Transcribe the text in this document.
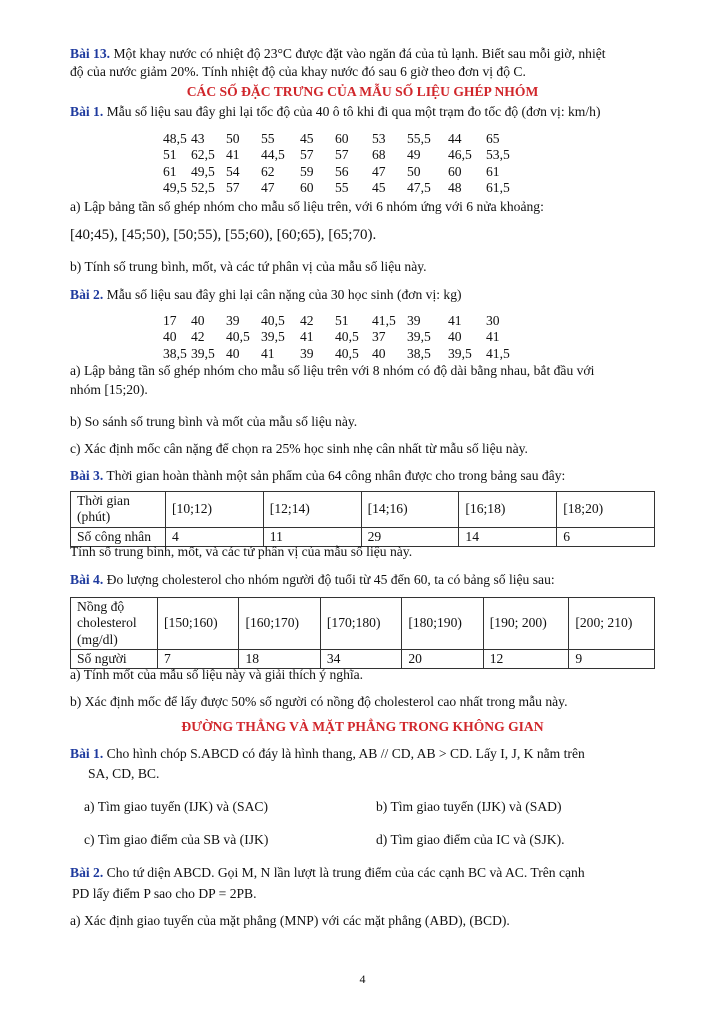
Bài 13. Một khay nước có nhiệt độ 23°C được đặt vào ngăn đá của tủ lạnh. Biết sau mỗi giờ, nhiệt
độ của nước giảm 20%. Tính nhiệt độ của khay nước đó sau 6 giờ theo đơn vị độ C.
CÁC SỐ ĐẶC TRƯNG CỦA MẪU SỐ LIỆU GHÉP NHÓM
Bài 1. Mẫu số liệu sau đây ghi lại tốc độ của 40 ô tô khi đi qua một trạm đo tốc độ (đơn vị: km/h)
48,5	43	50	55	45	60	53	55,5	44	65
51	62,5	41	44,5	57	57	68	49	46,5	53,5
61	49,5	54	62	59	56	47	50	60	61
49,5	52,5	57	47	60	55	45	47,5	48	61,5
a) Lập bảng tần số ghép nhóm cho mẫu số liệu trên, với 6 nhóm ứng với 6 nửa khoảng:
[40;45), [45;50), [50;55), [55;60), [60;65), [65;70).
b) Tính số trung bình, mốt, và các tứ phân vị của mẫu số liệu này.
Bài 2. Mẫu số liệu sau đây ghi lại cân nặng của 30 học sinh (đơn vị: kg)
17	40	39	40,5	42	51	41,5	39	41	30
40	42	40,5	39,5	41	40,5	37	39,5	40	41
38,5	39,5	40	41	39	40,5	40	38,5	39,5	41,5
a) Lập bảng tần số ghép nhóm cho mẫu số liệu trên với 8 nhóm có độ dài bằng nhau, bắt đầu với
nhóm [15;20).
b) So sánh số trung bình và mốt của mẫu số liệu này.
c) Xác định mốc cân nặng để chọn ra 25% học sinh nhẹ cân nhất từ mẫu số liệu này.
Bài 3. Thời gian hoàn thành một sản phẩm của 64 công nhân được cho trong bảng sau đây:
Thời gian (phút)	[10;12)	[12;14)	[14;16)	[16;18)	[18;20)
Số công nhân	4	11	29	14	6
Tính số trung bình, mốt, và các tứ phân vị của mẫu số liệu này.
Bài 4. Đo lượng cholesterol cho nhóm người độ tuổi từ 45 đến 60, ta có bảng số liệu sau:
Nồng độ cholesterol (mg/dl)	[150;160)	[160;170)	[170;180)	[180;190)	[190; 200)	[200; 210)
Số người	7	18	34	20	12	9
a) Tính mốt của mẫu số liệu này và giải thích ý nghĩa.
b) Xác định mốc để lấy được 50% số người có nồng độ cholesterol cao nhất trong mẫu này.
ĐƯỜNG THẲNG VÀ MẶT PHẲNG TRONG KHÔNG GIAN
Bài 1. Cho hình chóp S.ABCD có đáy là hình thang, AB // CD, AB > CD. Lấy I, J, K nằm trên
SA, CD, BC.
a) Tìm giao tuyến (IJK) và (SAC)	b) Tìm giao tuyến (IJK) và (SAD)
c) Tìm giao điểm của SB và (IJK)	d) Tìm giao điểm của IC và (SJK).
Bài 2. Cho tứ diện ABCD. Gọi M, N lần lượt là trung điểm của các cạnh BC và AC. Trên cạnh
PD lấy điểm P sao cho DP = 2PB.
a) Xác định giao tuyến của mặt phẳng (MNP) với các mặt phẳng (ABD), (BCD).
4
